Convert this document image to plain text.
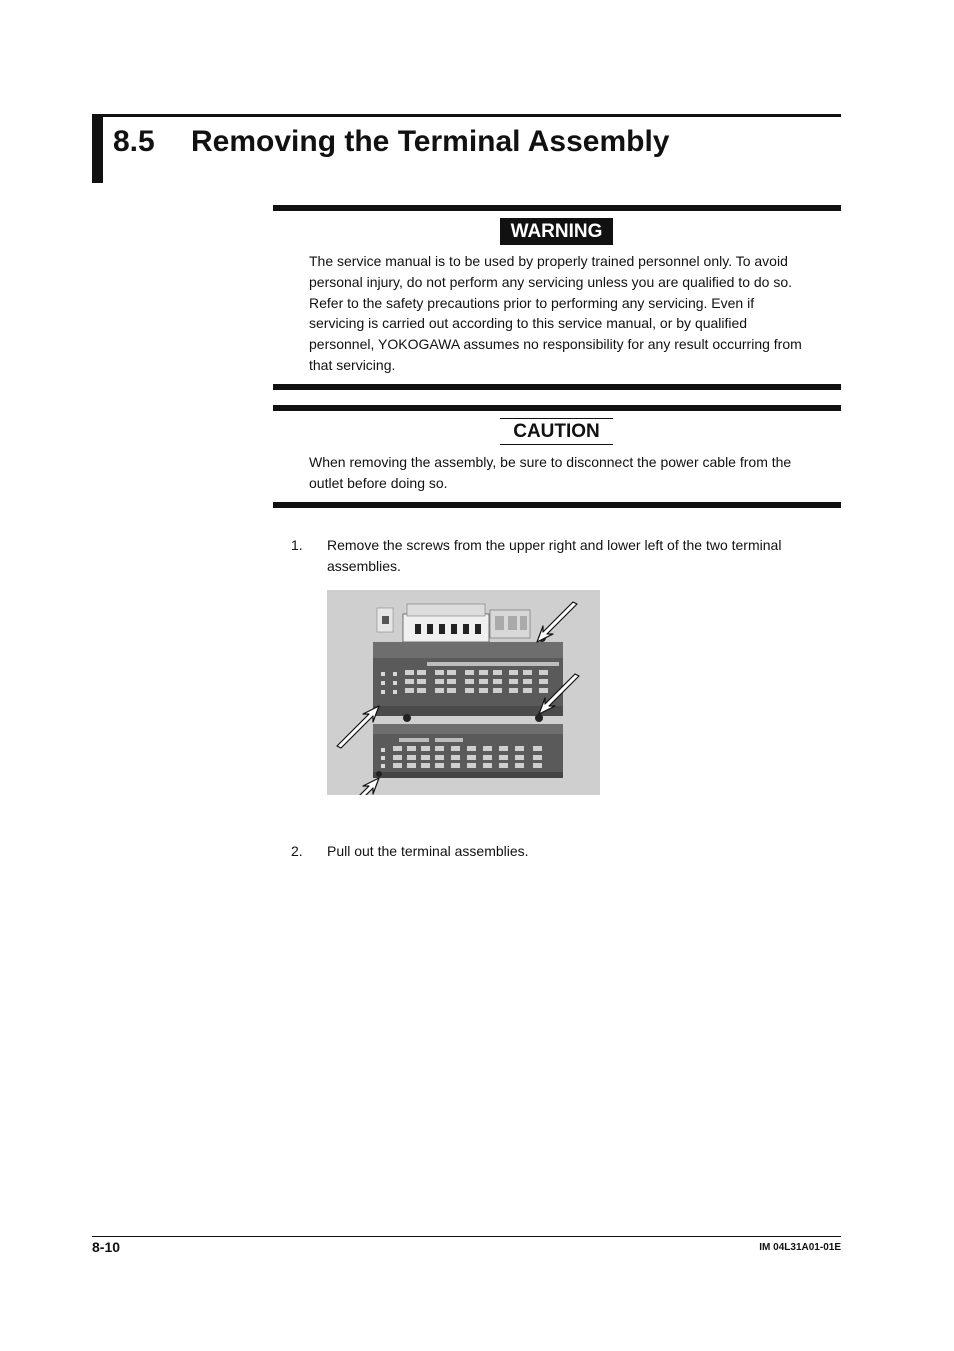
8.5 Removing the Terminal Assembly
WARNING
The service manual is to be used by properly trained personnel only. To avoid
personal injury, do not perform any servicing unless you are qualified to do so.
Refer to the safety precautions prior to performing any servicing. Even if
servicing is carried out according to this service manual, or by qualified
personnel, YOKOGAWA assumes no responsibility for any result occurring from
that servicing.
CAUTION
When removing the assembly, be sure to disconnect the power cable from the
outlet before doing so.
1. Remove the screws from the upper right and lower left of the two terminal
assemblies.
2. Pull out the terminal assemblies.
8-10	IM 04L31A01-01E
